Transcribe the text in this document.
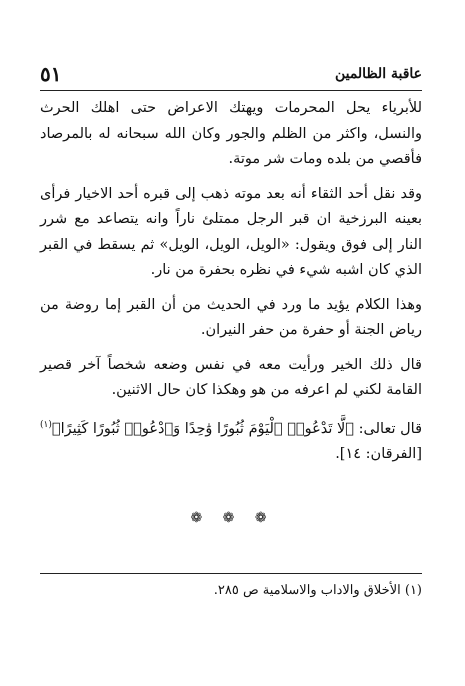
عاقبة الظالمين
٥١

للأبرياء يحل المحرمات ويهتك الاعراض حتى اهلك الحرث والنسل، واكثر من الظلم والجور وكان الله سبحانه له بالمرصاد فأقصي من بلده ومات شر موتة.

وقد نقل أحد الثقاء أنه بعد موته ذهب إلى قبره أحد الاخيار فرأى بعينه البرزخية ان قبر الرجل ممتلئ ناراً وانه يتصاعد مع شرر النار إلى فوق ويقول: «الويل، الويل، الويل» ثم يسقط في القبر الذي كان اشبه شيء في نظره بحفرة من نار.

وهذا الكلام يؤيد ما ورد في الحديث من أن القبر إما روضة من رياض الجنة أو حفرة من حفر النيران.

قال ذلك الخير ورأيت معه في نفس وضعه شخصاً آخر قصير القامة لكني لم اعرفه من هو وهكذا كان حال الاثنين.

قال تعالى: ﴿لَّا تَدْعُوا۟ ٱلْيَوْمَ ثُبُورًا وَٰحِدًا وَٱدْعُوا۟ ثُبُورًا كَثِيرًا﴾$^{(١)}$ [الفرقان: ١٤].

❁ ❁ ❁
(١) الأخلاق والاداب والاسلامية ص ٢٨٥.
